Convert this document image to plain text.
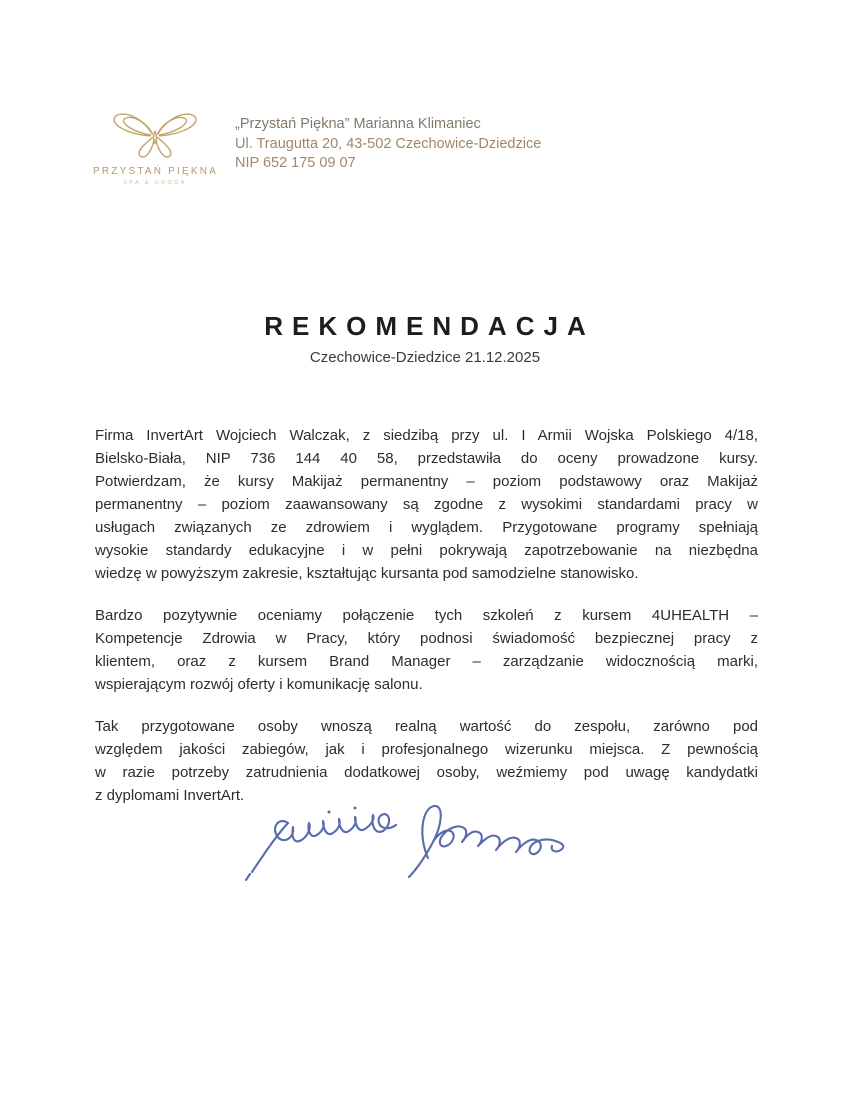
PRZYSTAŃ PIĘKNA
SPA & URODA
„Przystań Piękna” Marianna Klimaniec
Ul. Traugutta 20, 43-502 Czechowice-Dziedzice
NIP 652 175 09 07
REKOMENDACJA
Czechowice-Dziedzice 21.12.2025
Firma InvertArt Wojciech Walczak, z siedzibą przy ul. I Armii Wojska Polskiego 4/18,
Bielsko-Biała, NIP 736 144 40 58, przedstawiła do oceny prowadzone kursy.
Potwierdzam, że kursy Makijaż permanentny – poziom podstawowy oraz Makijaż
permanentny – poziom zaawansowany są zgodne z wysokimi standardami pracy w
usługach związanych ze zdrowiem i wyglądem. Przygotowane programy spełniają
wysokie standardy edukacyjne i w pełni pokrywają zapotrzebowanie na niezbędna
wiedzę w powyższym zakresie, kształtując kursanta pod samodzielne stanowisko.
Bardzo pozytywnie oceniamy połączenie tych szkoleń z kursem 4UHEALTH –
Kompetencje Zdrowia w Pracy, który podnosi świadomość bezpiecznej pracy z
klientem, oraz z kursem Brand Manager – zarządzanie widocznością marki,
wspierającym rozwój oferty i komunikację salonu.
Tak przygotowane osoby wnoszą realną wartość do zespołu, zarówno pod
względem jakości zabiegów, jak i profesjonalnego wizerunku miejsca. Z pewnością
w razie potrzeby zatrudnienia dodatkowej osoby, weźmiemy pod uwagę kandydatki
z dyplomami InvertArt.
